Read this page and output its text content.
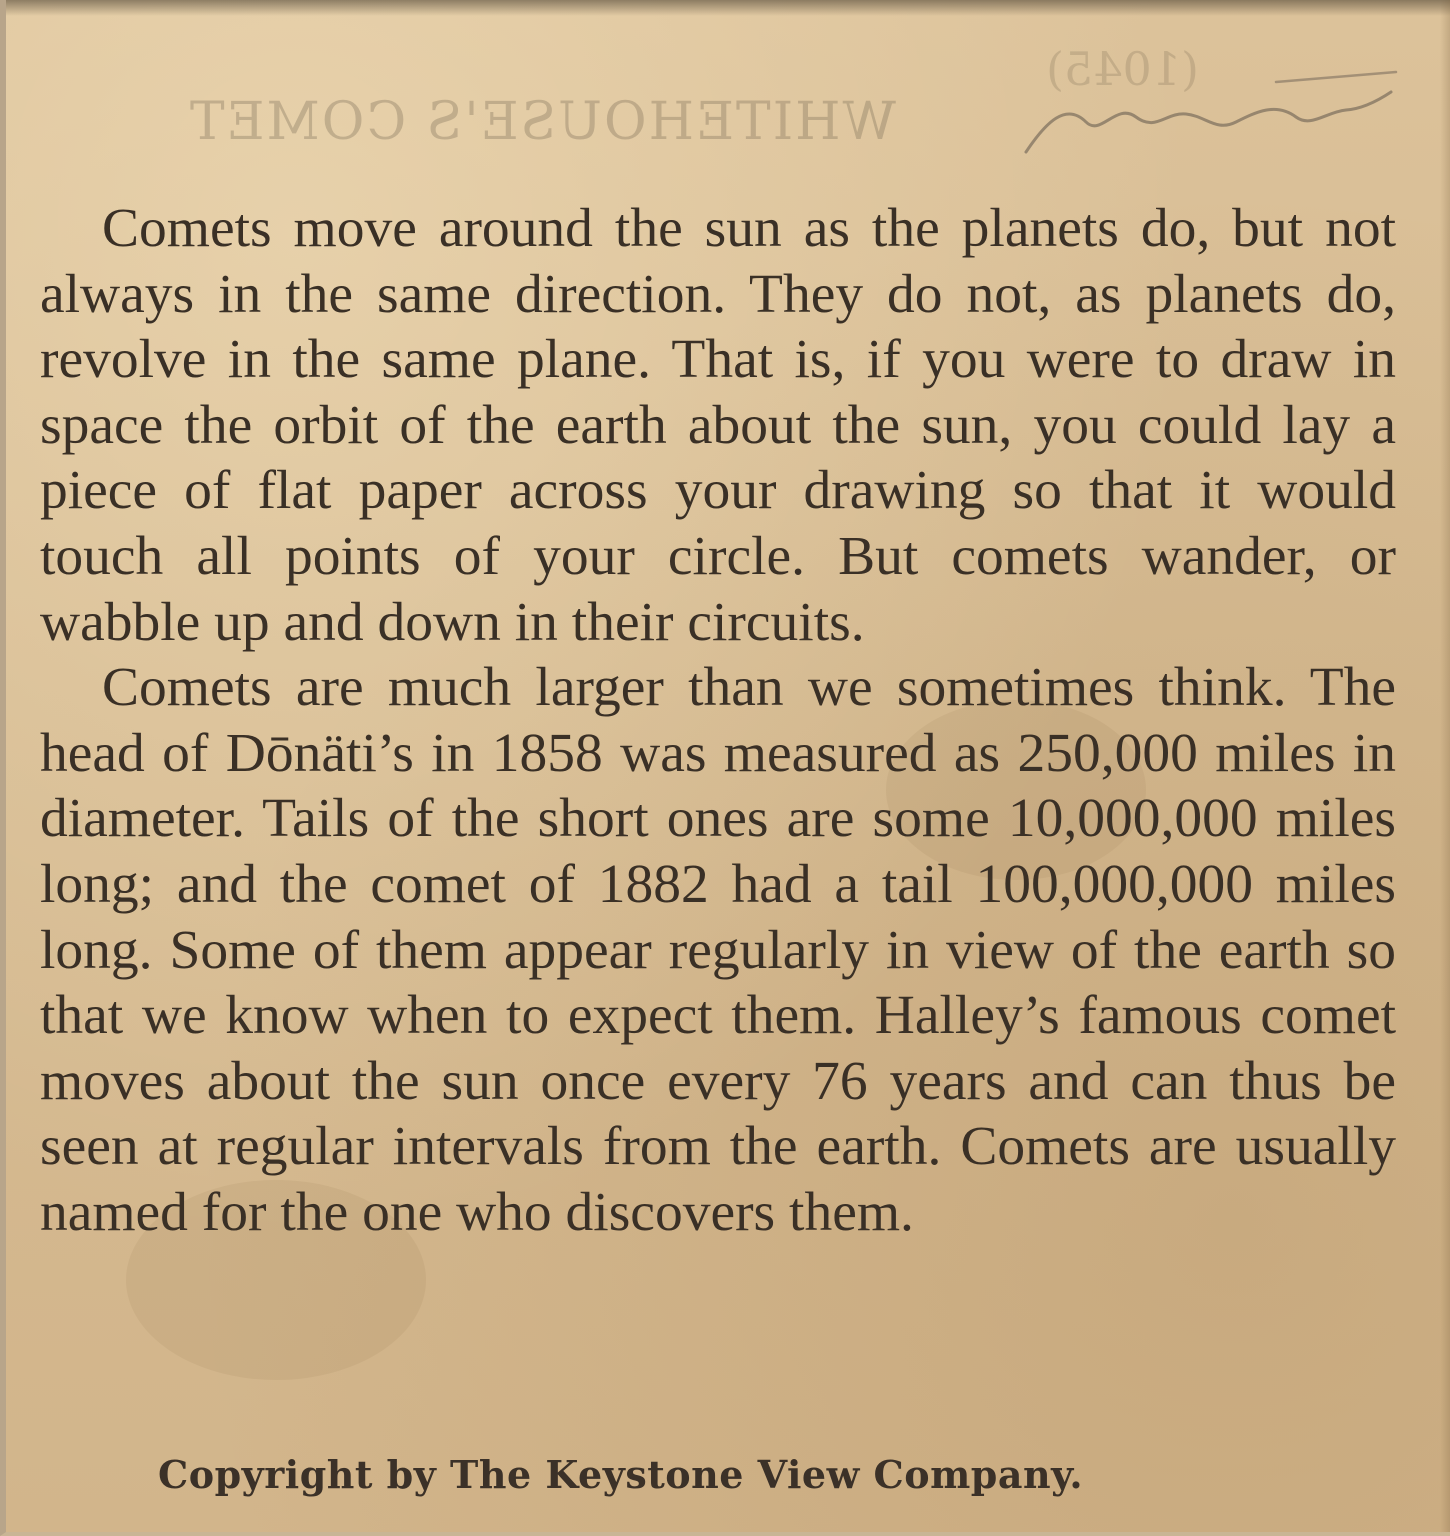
(1045)
WHITEHOUSE'S COMET

Comets move around the sun as the planets do, but not always in the same direction. They do not, as planets do, revolve in the same plane. That is, if you were to draw in space the orbit of the earth about the sun, you could lay a piece of flat paper across your drawing so that it would touch all points of your circle. But comets wander, or wabble up and down in their circuits.

Comets are much larger than we sometimes think. The head of Dōnäti’s in 1858 was measured as 250,000 miles in diameter. Tails of the short ones are some 10,000,000 miles long; and the comet of 1882 had a tail 100,000,000 miles long. Some of them appear regularly in view of the earth so that we know when to expect them. Halley’s famous comet moves about the sun once every 76 years and can thus be seen at regular intervals from the earth. Comets are usually named for the one who discovers them.

Copyright by The Keystone View Company.
